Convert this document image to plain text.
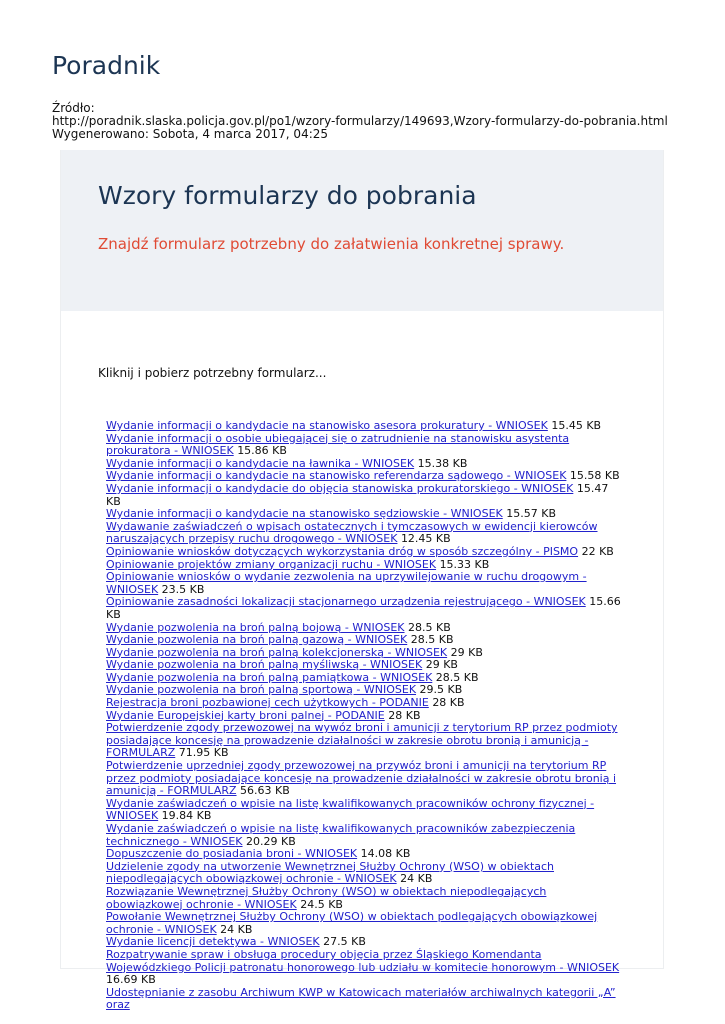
Poradnik
Źródło:
http://poradnik.slaska.policja.gov.pl/po1/wzory-formularzy/149693,Wzory-formularzy-do-pobrania.html
Wygenerowano: Sobota, 4 marca 2017, 04:25
Wzory formularzy do pobrania

Znajdź formularz potrzebny do załatwienia konkretnej sprawy.

Kliknij i pobierz potrzebny formularz...
Wydanie informacji o kandydacie na stanowisko asesora prokuratury - WNIOSEK 15.45 KB
Wydanie informacji o osobie ubiegającej się o zatrudnienie na stanowisku asystenta prokuratora - WNIOSEK 15.86 KB
Wydanie informacji o kandydacie na ławnika - WNIOSEK 15.38 KB
Wydanie informacji o kandydacie na stanowisko referendarza sądowego - WNIOSEK 15.58 KB
Wydanie informacji o kandydacie do objęcia stanowiska prokuratorskiego - WNIOSEK 15.47 KB
Wydanie informacji o kandydacie na stanowisko sędziowskie - WNIOSEK 15.57 KB
Wydawanie zaświadczeń o wpisach ostatecznych i tymczasowych w ewidencji kierowców naruszających przepisy ruchu drogowego - WNIOSEK 12.45 KB
Opiniowanie wniosków dotyczących wykorzystania dróg w sposób szczególny - PISMO 22 KB
Opiniowanie projektów zmiany organizacji ruchu - WNIOSEK 15.33 KB
Opiniowanie wniosków o wydanie zezwolenia na uprzywilejowanie w ruchu drogowym - WNIOSEK 23.5 KB
Opiniowanie zasadności lokalizacji stacjonarnego urządzenia rejestrującego - WNIOSEK 15.66 KB
Wydanie pozwolenia na broń palną bojową - WNIOSEK 28.5 KB
Wydanie pozwolenia na broń palną gazową - WNIOSEK 28.5 KB
Wydanie pozwolenia na broń palną kolekcjonerską - WNIOSEK 29 KB
Wydanie pozwolenia na broń palną myśliwską - WNIOSEK 29 KB
Wydanie pozwolenia na broń palną pamiątkowa - WNIOSEK 28.5 KB
Wydanie pozwolenia na broń palną sportową - WNIOSEK 29.5 KB
Rejestracja broni pozbawionej cech użytkowych - PODANIE 28 KB
Wydanie Europejskiej karty broni palnej - PODANIE 28 KB
Potwierdzenie zgody przewozowej na wywóz broni i amunicji z terytorium RP przez podmioty posiadające koncesję na prowadzenie działalności w zakresie obrotu bronią i amunicją - FORMULARZ 71.95 KB
Potwierdzenie uprzedniej zgody przewozowej na przywóz broni i amunicji na terytorium RP przez podmioty posiadające koncesję na prowadzenie działalności w zakresie obrotu bronią i amunicją - FORMULARZ 56.63 KB
Wydanie zaświadczeń o wpisie na listę kwalifikowanych pracowników ochrony fizycznej - WNIOSEK 19.84 KB
Wydanie zaświadczeń o wpisie na listę kwalifikowanych pracowników zabezpieczenia technicznego - WNIOSEK 20.29 KB
Dopuszczenie do posiadania broni - WNIOSEK 14.08 KB
Udzielenie zgody na utworzenie Wewnętrznej Służby Ochrony (WSO) w obiektach niepodlegających obowiązkowej ochronie - WNIOSEK 24 KB
Rozwiązanie Wewnętrznej Służby Ochrony (WSO) w obiektach niepodlegających obowiązkowej ochronie - WNIOSEK 24.5 KB
Powołanie Wewnętrznej Służby Ochrony (WSO) w obiektach podlegających obowiązkowej ochronie - WNIOSEK 24 KB
Wydanie licencji detektywa - WNIOSEK 27.5 KB
Rozpatrywanie spraw i obsługa procedury objęcia przez Śląskiego Komendanta Wojewódzkiego Policji patronatu honorowego lub udziału w komitecie honorowym - WNIOSEK 16.69 KB
Udostępnianie z zasobu Archiwum KWP w Katowicach materiałów archiwalnych kategorii „A” oraz
